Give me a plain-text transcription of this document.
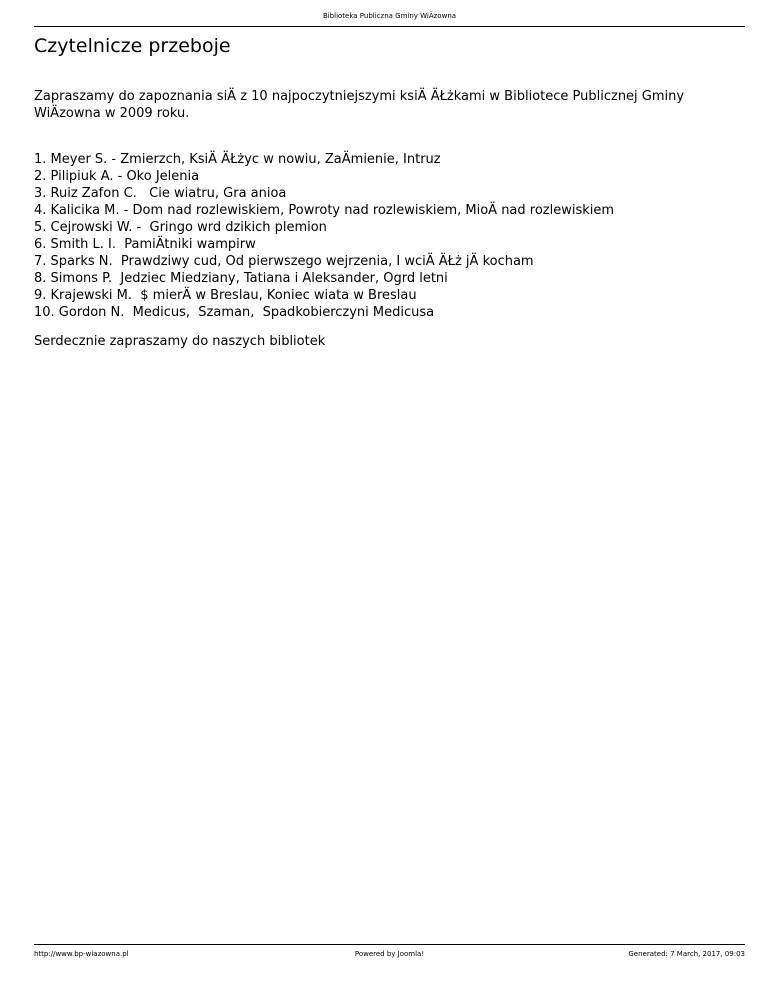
Biblioteka Publiczna Gminy WiÄzowna
Czytelnicze przeboje
Zapraszamy do zapoznania siÄ z 10 najpoczytniejszymi ksiÄ ÄŁżkami w Bibliotece Publicznej Gminy WiÄzowna w 2009 roku.
1. Meyer S. - Zmierzch, KsiÄ ÄŁżyc w nowiu, ZaÄmienie, Intruz
2. Pilipiuk A. - Oko Jelenia
3. Ruiz Zafon C.   Cie wiatru, Gra anioa
4. Kalicika M. - Dom nad rozlewiskiem, Powroty nad rozlewiskiem, MioÄ nad rozlewiskiem
5. Cejrowski W. -  Gringo wrd dzikich plemion
6. Smith L. I.  PamiÄtniki wampirw
7. Sparks N.  Prawdziwy cud, Od pierwszego wejrzenia, I wciÄ ÄŁż jÄ kocham
8. Simons P.  Jedziec Miedziany, Tatiana i Aleksander, Ogrd letni
9. Krajewski M.  $ mierÄ w Breslau, Koniec wiata w Breslau
10. Gordon N.  Medicus,  Szaman,  Spadkobierczyni Medicusa
Serdecznie zapraszamy do naszych bibliotek
http://www.bp-wiazowna.pl	Powered by Joomla!	Generated: 7 March, 2017, 09:03
